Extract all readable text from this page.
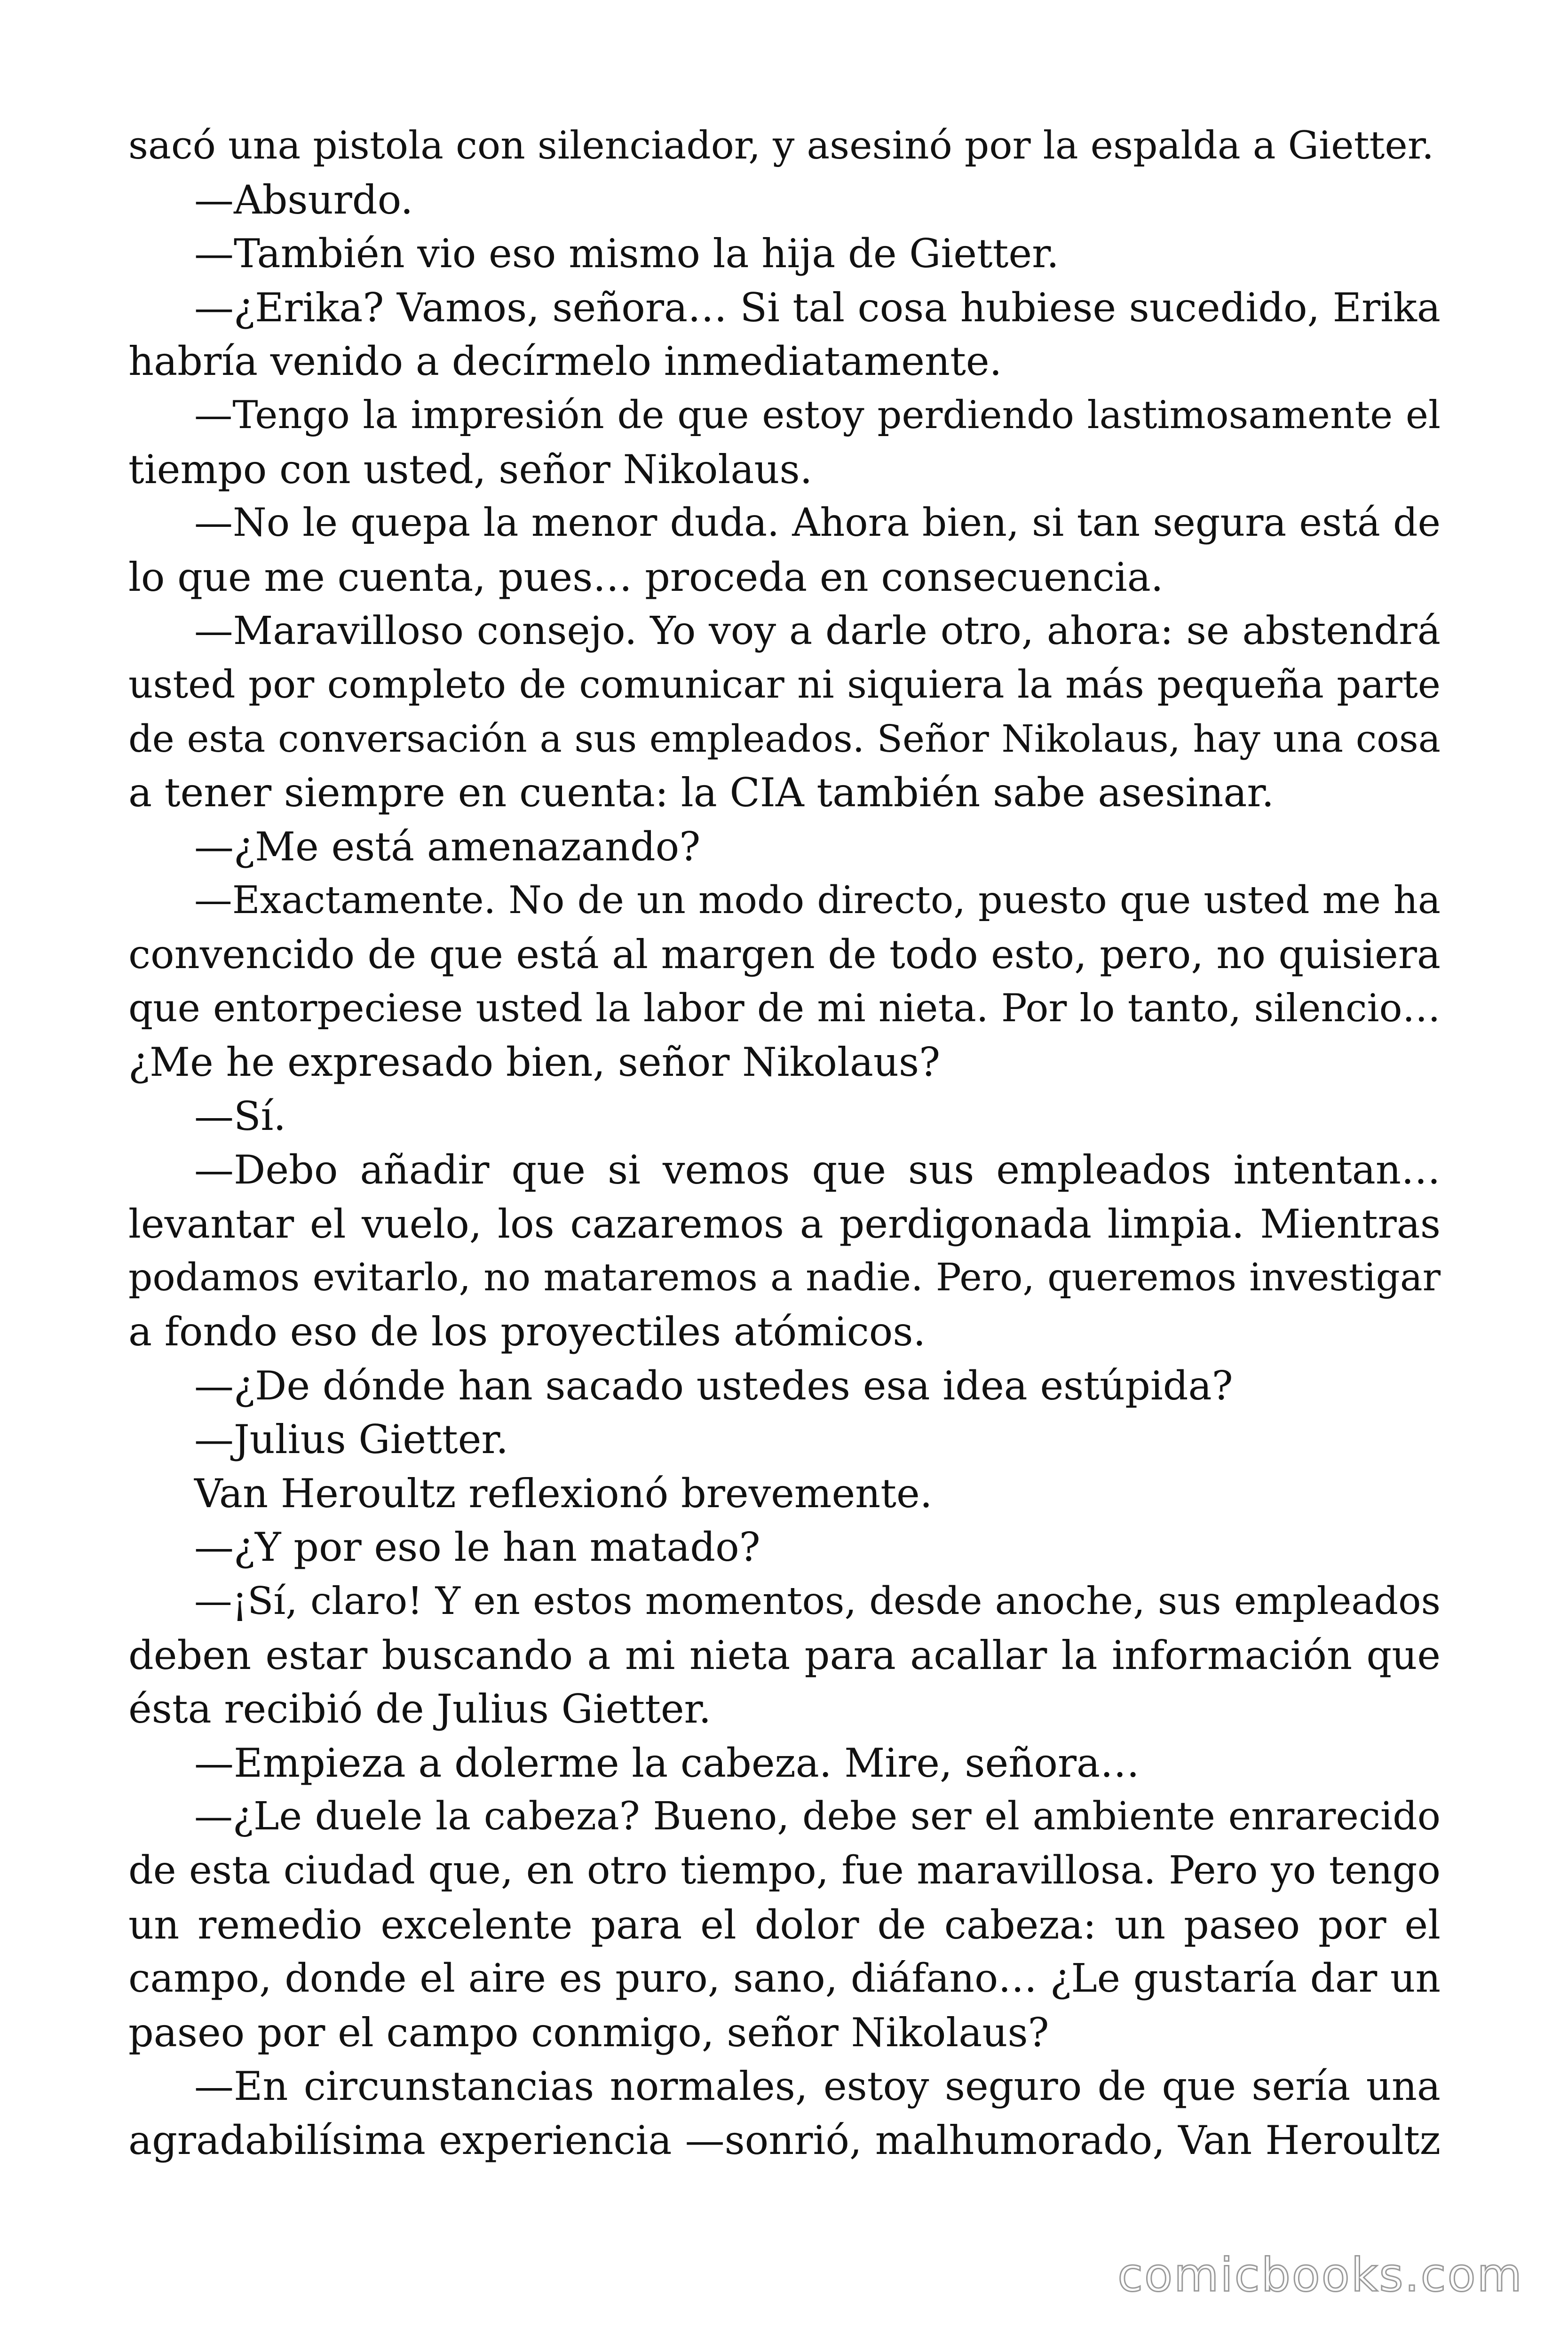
sacó una pistola con silenciador, y asesinó por la espalda a Gietter.
—Absurdo.
—También vio eso mismo la hija de Gietter.
—¿Erika? Vamos, señora… Si tal cosa hubiese sucedido, Erika
habría venido a decírmelo inmediatamente.
—Tengo la impresión de que estoy perdiendo lastimosamente el
tiempo con usted, señor Nikolaus.
—No le quepa la menor duda. Ahora bien, si tan segura está de
lo que me cuenta, pues… proceda en consecuencia.
—Maravilloso consejo. Yo voy a darle otro, ahora: se abstendrá
usted por completo de comunicar ni siquiera la más pequeña parte
de esta conversación a sus empleados. Señor Nikolaus, hay una cosa
a tener siempre en cuenta: la CIA también sabe asesinar.
—¿Me está amenazando?
—Exactamente. No de un modo directo, puesto que usted me ha
convencido de que está al margen de todo esto, pero, no quisiera
que entorpeciese usted la labor de mi nieta. Por lo tanto, silencio…
¿Me he expresado bien, señor Nikolaus?
—Sí.
—Debo añadir que si vemos que sus empleados intentan…
levantar el vuelo, los cazaremos a perdigonada limpia. Mientras
podamos evitarlo, no mataremos a nadie. Pero, queremos investigar
a fondo eso de los proyectiles atómicos.
—¿De dónde han sacado ustedes esa idea estúpida?
—Julius Gietter.
Van Heroultz reflexionó brevemente.
—¿Y por eso le han matado?
—¡Sí, claro! Y en estos momentos, desde anoche, sus empleados
deben estar buscando a mi nieta para acallar la información que
ésta recibió de Julius Gietter.
—Empieza a dolerme la cabeza. Mire, señora…
—¿Le duele la cabeza? Bueno, debe ser el ambiente enrarecido
de esta ciudad que, en otro tiempo, fue maravillosa. Pero yo tengo
un remedio excelente para el dolor de cabeza: un paseo por el
campo, donde el aire es puro, sano, diáfano… ¿Le gustaría dar un
paseo por el campo conmigo, señor Nikolaus?
—En circunstancias normales, estoy seguro de que sería una
agradabilísima experiencia —sonrió, malhumorado, Van Heroultz
comicbooks.com
